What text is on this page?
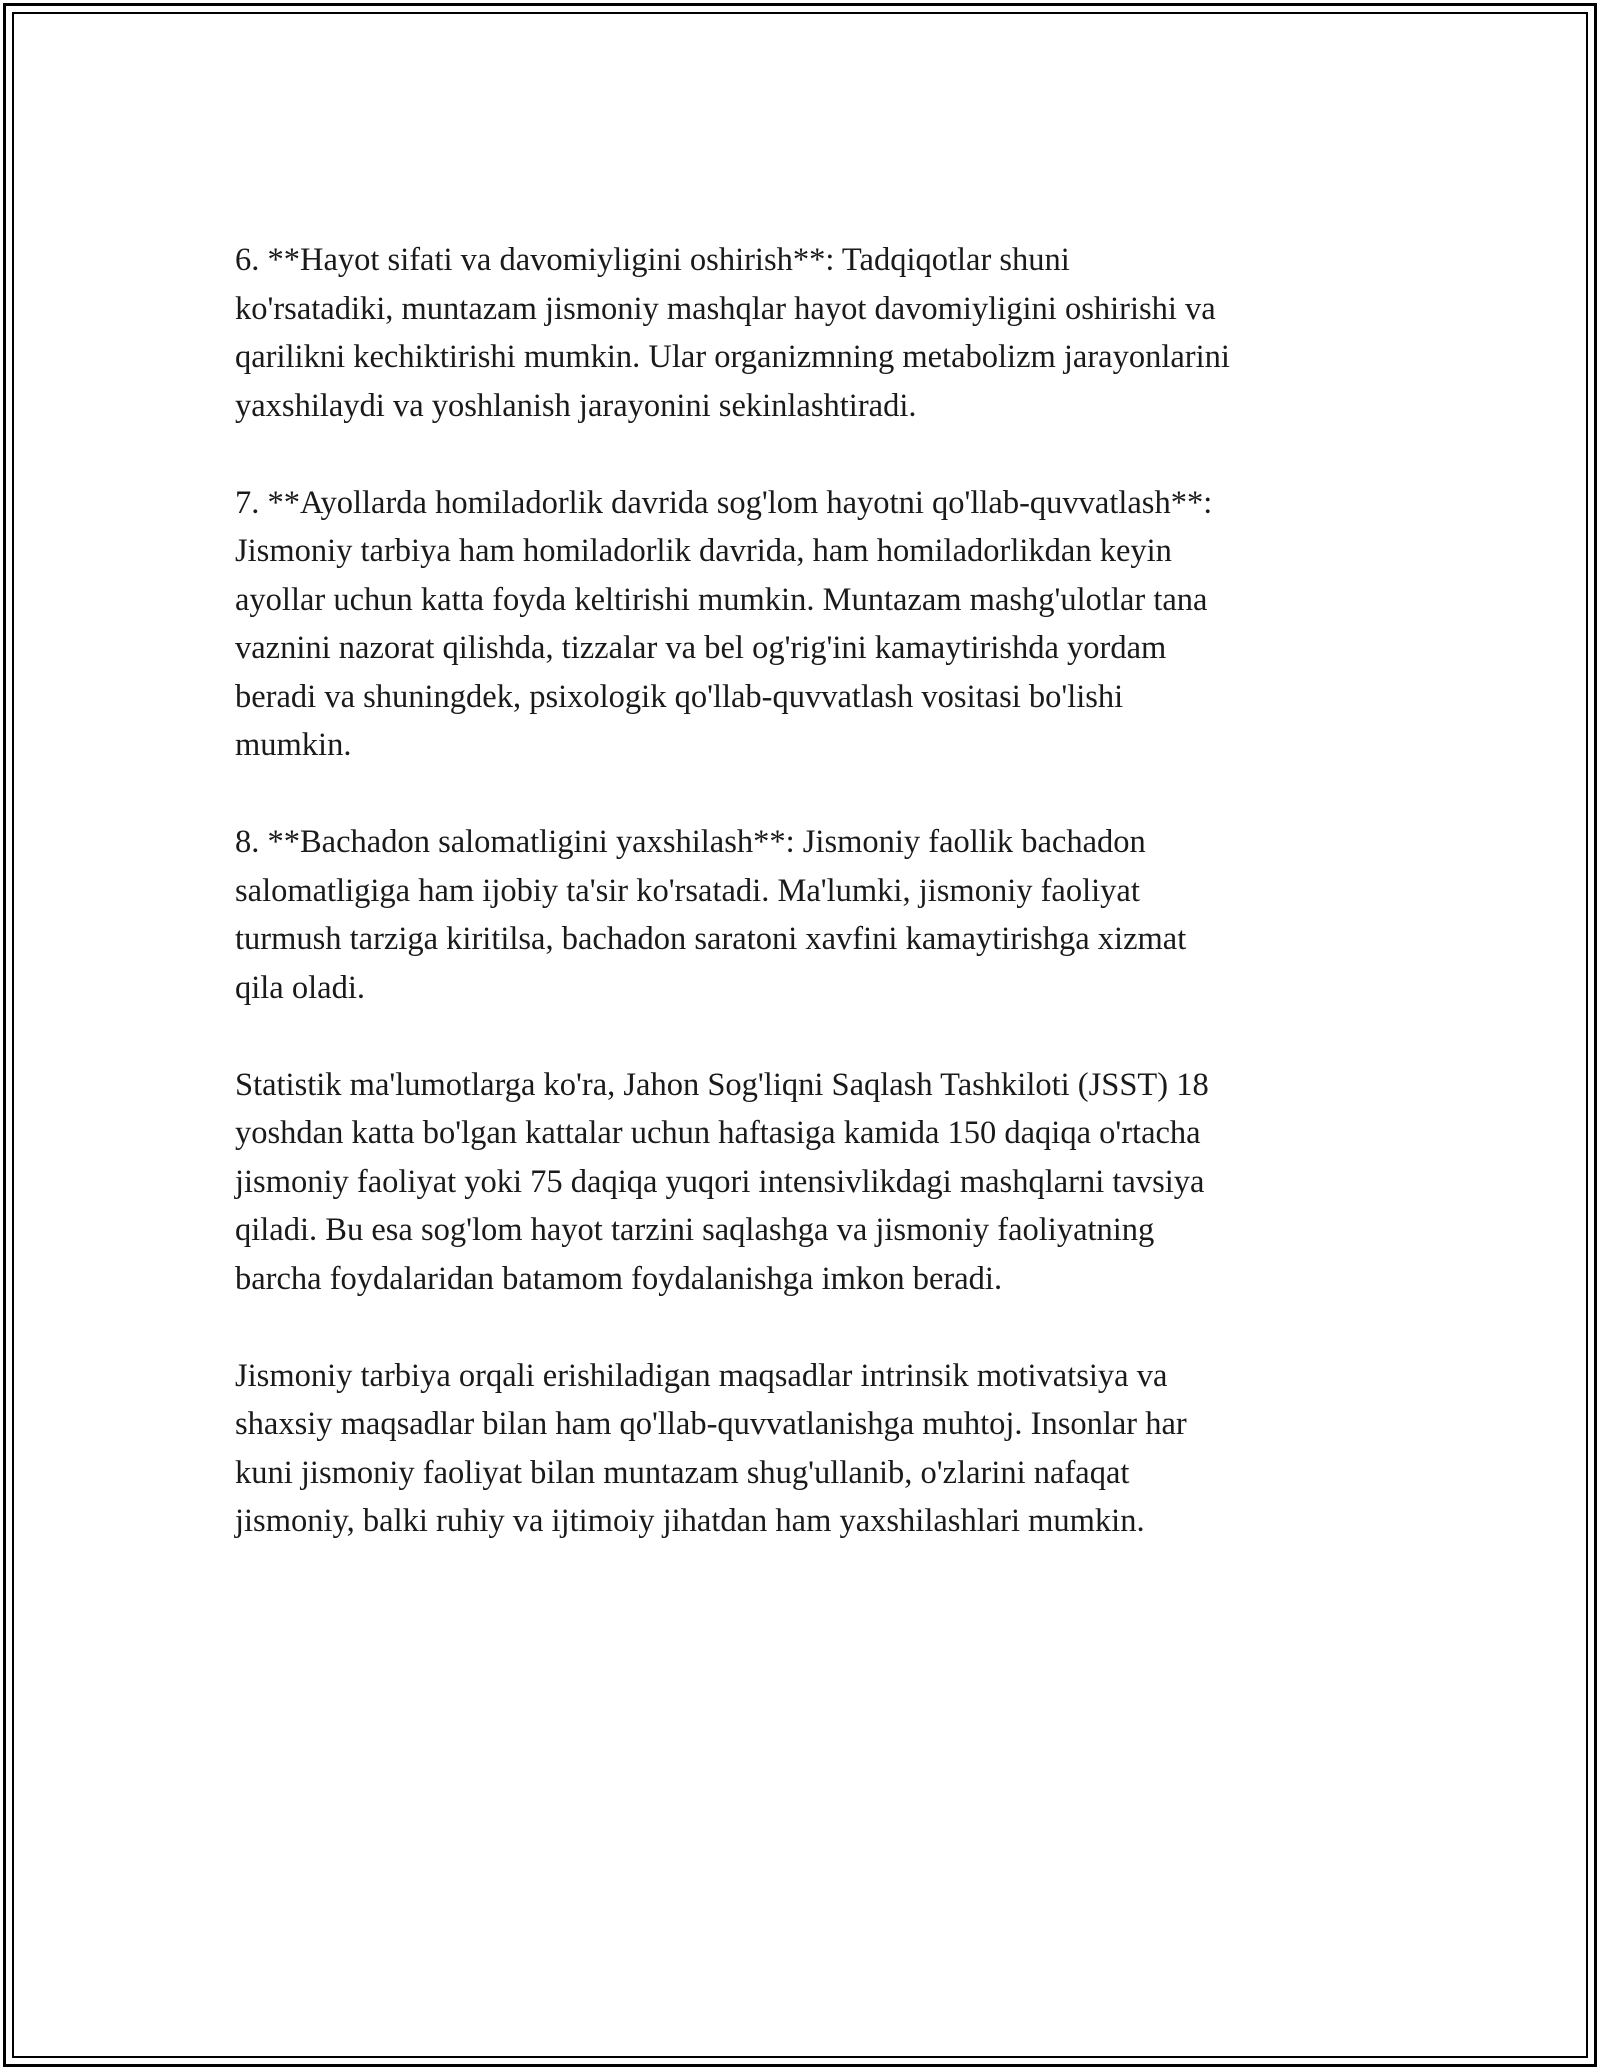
6. **Hayot sifati va davomiyligini oshirish**: Tadqiqotlar shuni
ko'rsatadiki, muntazam jismoniy mashqlar hayot davomiyligini oshirishi va
qarilikni kechiktirishi mumkin. Ular organizmning metabolizm jarayonlarini
yaxshilaydi va yoshlanish jarayonini sekinlashtiradi.

7. **Ayollarda homiladorlik davrida sog'lom hayotni qo'llab-quvvatlash**:
Jismoniy tarbiya ham homiladorlik davrida, ham homiladorlikdan keyin
ayollar uchun katta foyda keltirishi mumkin. Muntazam mashg'ulotlar tana
vaznini nazorat qilishda, tizzalar va bel og'rig'ini kamaytirishda yordam
beradi va shuningdek, psixologik qo'llab-quvvatlash vositasi bo'lishi
mumkin.

8. **Bachadon salomatligini yaxshilash**: Jismoniy faollik bachadon
salomatligiga ham ijobiy ta'sir ko'rsatadi. Ma'lumki, jismoniy faoliyat
turmush tarziga kiritilsa, bachadon saratoni xavfini kamaytirishga xizmat
qila oladi.

Statistik ma'lumotlarga ko'ra, Jahon Sog'liqni Saqlash Tashkiloti (JSST) 18
yoshdan katta bo'lgan kattalar uchun haftasiga kamida 150 daqiqa o'rtacha
jismoniy faoliyat yoki 75 daqiqa yuqori intensivlikdagi mashqlarni tavsiya
qiladi. Bu esa sog'lom hayot tarzini saqlashga va jismoniy faoliyatning
barcha foydalaridan batamom foydalanishga imkon beradi.

Jismoniy tarbiya orqali erishiladigan maqsadlar intrinsik motivatsiya va
shaxsiy maqsadlar bilan ham qo'llab-quvvatlanishga muhtoj. Insonlar har
kuni jismoniy faoliyat bilan muntazam shug'ullanib, o'zlarini nafaqat
jismoniy, balki ruhiy va ijtimoiy jihatdan ham yaxshilashlari mumkin.
